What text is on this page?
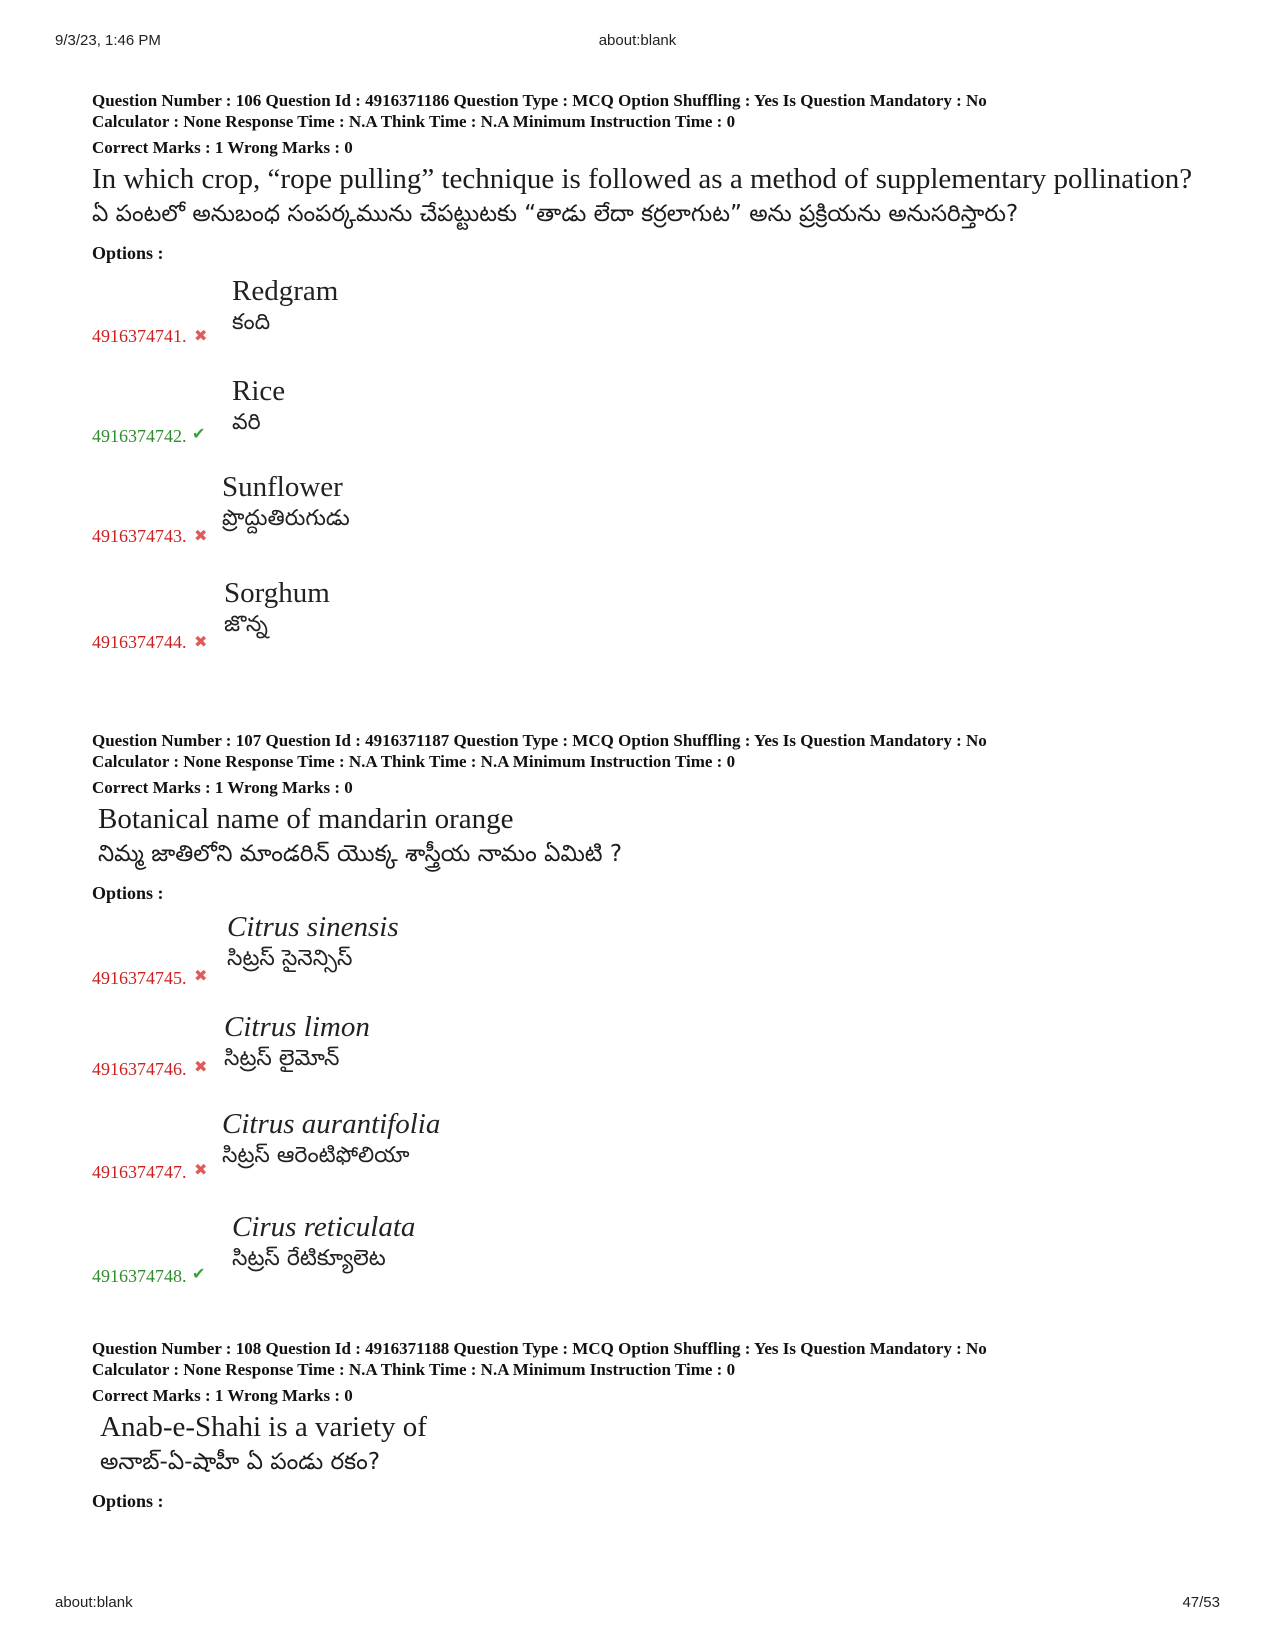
9/3/23, 1:46 PM	about:blank
Question Number : 106 Question Id : 4916371186 Question Type : MCQ Option Shuffling : Yes Is Question Mandatory : No
Calculator : None Response Time : N.A Think Time : N.A Minimum Instruction Time : 0
Correct Marks : 1 Wrong Marks : 0
In which crop, “rope pulling” technique is followed as a method of supplementary pollination?
ఏ పంటలో అనుబంధ సంపర్కమును చేపట్టుటకు “తాడు లేదా కర్రలాగుట” అను ప్రక్రియను అనుసరిస్తారు?
Options :
4916374741. ✖
Redgram
కంది
4916374742. ✔
Rice
వరి
4916374743. ✖
Sunflower
ప్రొద్దుతిరుగుడు
4916374744. ✖
Sorghum
జొన్న
Question Number : 107 Question Id : 4916371187 Question Type : MCQ Option Shuffling : Yes Is Question Mandatory : No
Calculator : None Response Time : N.A Think Time : N.A Minimum Instruction Time : 0
Correct Marks : 1 Wrong Marks : 0
Botanical name of mandarin orange
నిమ్మ జాతిలోని మాండరిన్ యొక్క శాస్త్రీయ నామం ఏమిటి ?
Options :
4916374745. ✖
Citrus sinensis
సిట్రస్ సైనెన్సిస్
4916374746. ✖
Citrus limon
సిట్రస్ లైమోన్
4916374747. ✖
Citrus aurantifolia
సిట్రస్ ఆరెంటిఫోలియా
4916374748. ✔
Cirus reticulata
సిట్రస్ రేటిక్యూలెట
Question Number : 108 Question Id : 4916371188 Question Type : MCQ Option Shuffling : Yes Is Question Mandatory : No
Calculator : None Response Time : N.A Think Time : N.A Minimum Instruction Time : 0
Correct Marks : 1 Wrong Marks : 0
Anab-e-Shahi is a variety of
అనాబ్-ఏ-షాహీ ఏ పండు రకం?
Options :
about:blank	47/53
